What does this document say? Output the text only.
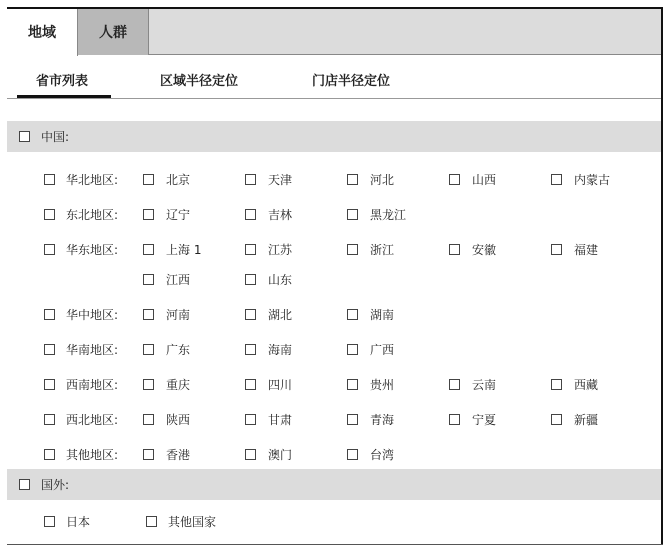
地域	人群
省市列表	区域半径定位	门店半径定位
中国:
华北地区:	北京	天津	河北	山西	内蒙古
东北地区:	辽宁	吉林	黑龙江
华东地区:	上海 1	江苏	浙江	安徽	福建
江西	山东
华中地区:	河南	湖北	湖南
华南地区:	广东	海南	广西
西南地区:	重庆	四川	贵州	云南	西藏
西北地区:	陕西	甘肃	青海	宁夏	新疆
其他地区:	香港	澳门	台湾
国外:
日本	其他国家
